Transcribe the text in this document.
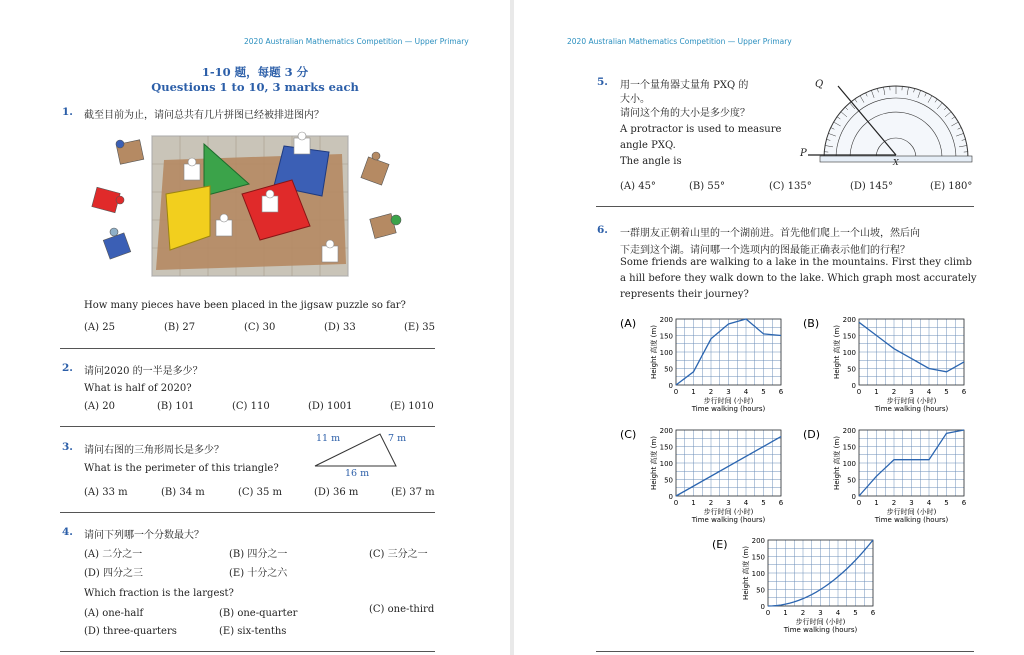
2020 Australian Mathematics Competition — Upper Primary
1-10 题，每题 3 分
Questions 1 to 10, 3 marks each
1. 截至目前为止，请问总共有几片拼图已经被排进图内？
How many pieces have been placed in the jigsaw puzzle so far?
(A) 25	(B) 27	(C) 30	(D) 33	(E) 35
2. 请问2020 的一半是多少？
What is half of 2020?
(A) 20	(B) 101	(C) 110	(D) 1001	(E) 1010
3. 请问右图的三角形周长是多少？
11 m	7 m
16 m
What is the perimeter of this triangle?
(A) 33 m	(B) 34 m	(C) 35 m	(D) 36 m	(E) 37 m
4. 请问下列哪一个分数最大？
(A) 二分之一	(B) 四分之一	(C) 三分之一
(D) 四分之三	(E) 十分之六
Which fraction is the largest?
(A) one-half	(B) one-quarter	(C) one-third
(D) three-quarters	(E) six-tenths
2020 Australian Mathematics Competition — Upper Primary
5. 用一个量角器丈量角 PXQ 的
大小。
请问这个角的大小是多少度？
A protractor is used to measure
angle PXQ.
The angle is
Q
P
X
(A) 45°	(B) 55°	(C) 135°	(D) 145°	(E) 180°
6. 一群朋友正朝着山里的一个湖前进。首先他们爬上一个山坡，然后向
下走到这个湖。请问哪一个选项内的图最能正确表示他们的行程？
Some friends are walking to a lake in the mountains. First they climb
a hill before they walk down to the lake. Which graph most accurately
represents their journey?
(A)
0
50
100
150
200
0 1 2 3 4 5 6
步行时间 (小时)
Time walking (hours)
Height 高度 (m)
(B)
0
50
100
150
200
0 1 2 3 4 5 6
步行时间 (小时)
Time walking (hours)
Height 高度 (m)
(C)
0
50
100
150
200
0 1 2 3 4 5 6
步行时间 (小时)
Time walking (hours)
Height 高度 (m)
(D)
0
50
100
150
200
0 1 2 3 4 5 6
步行时间 (小时)
Time walking (hours)
Height 高度 (m)
(E)
0
50
100
150
200
0 1 2 3 4 5 6
步行时间 (小时)
Time walking (hours)
Height 高度 (m)
